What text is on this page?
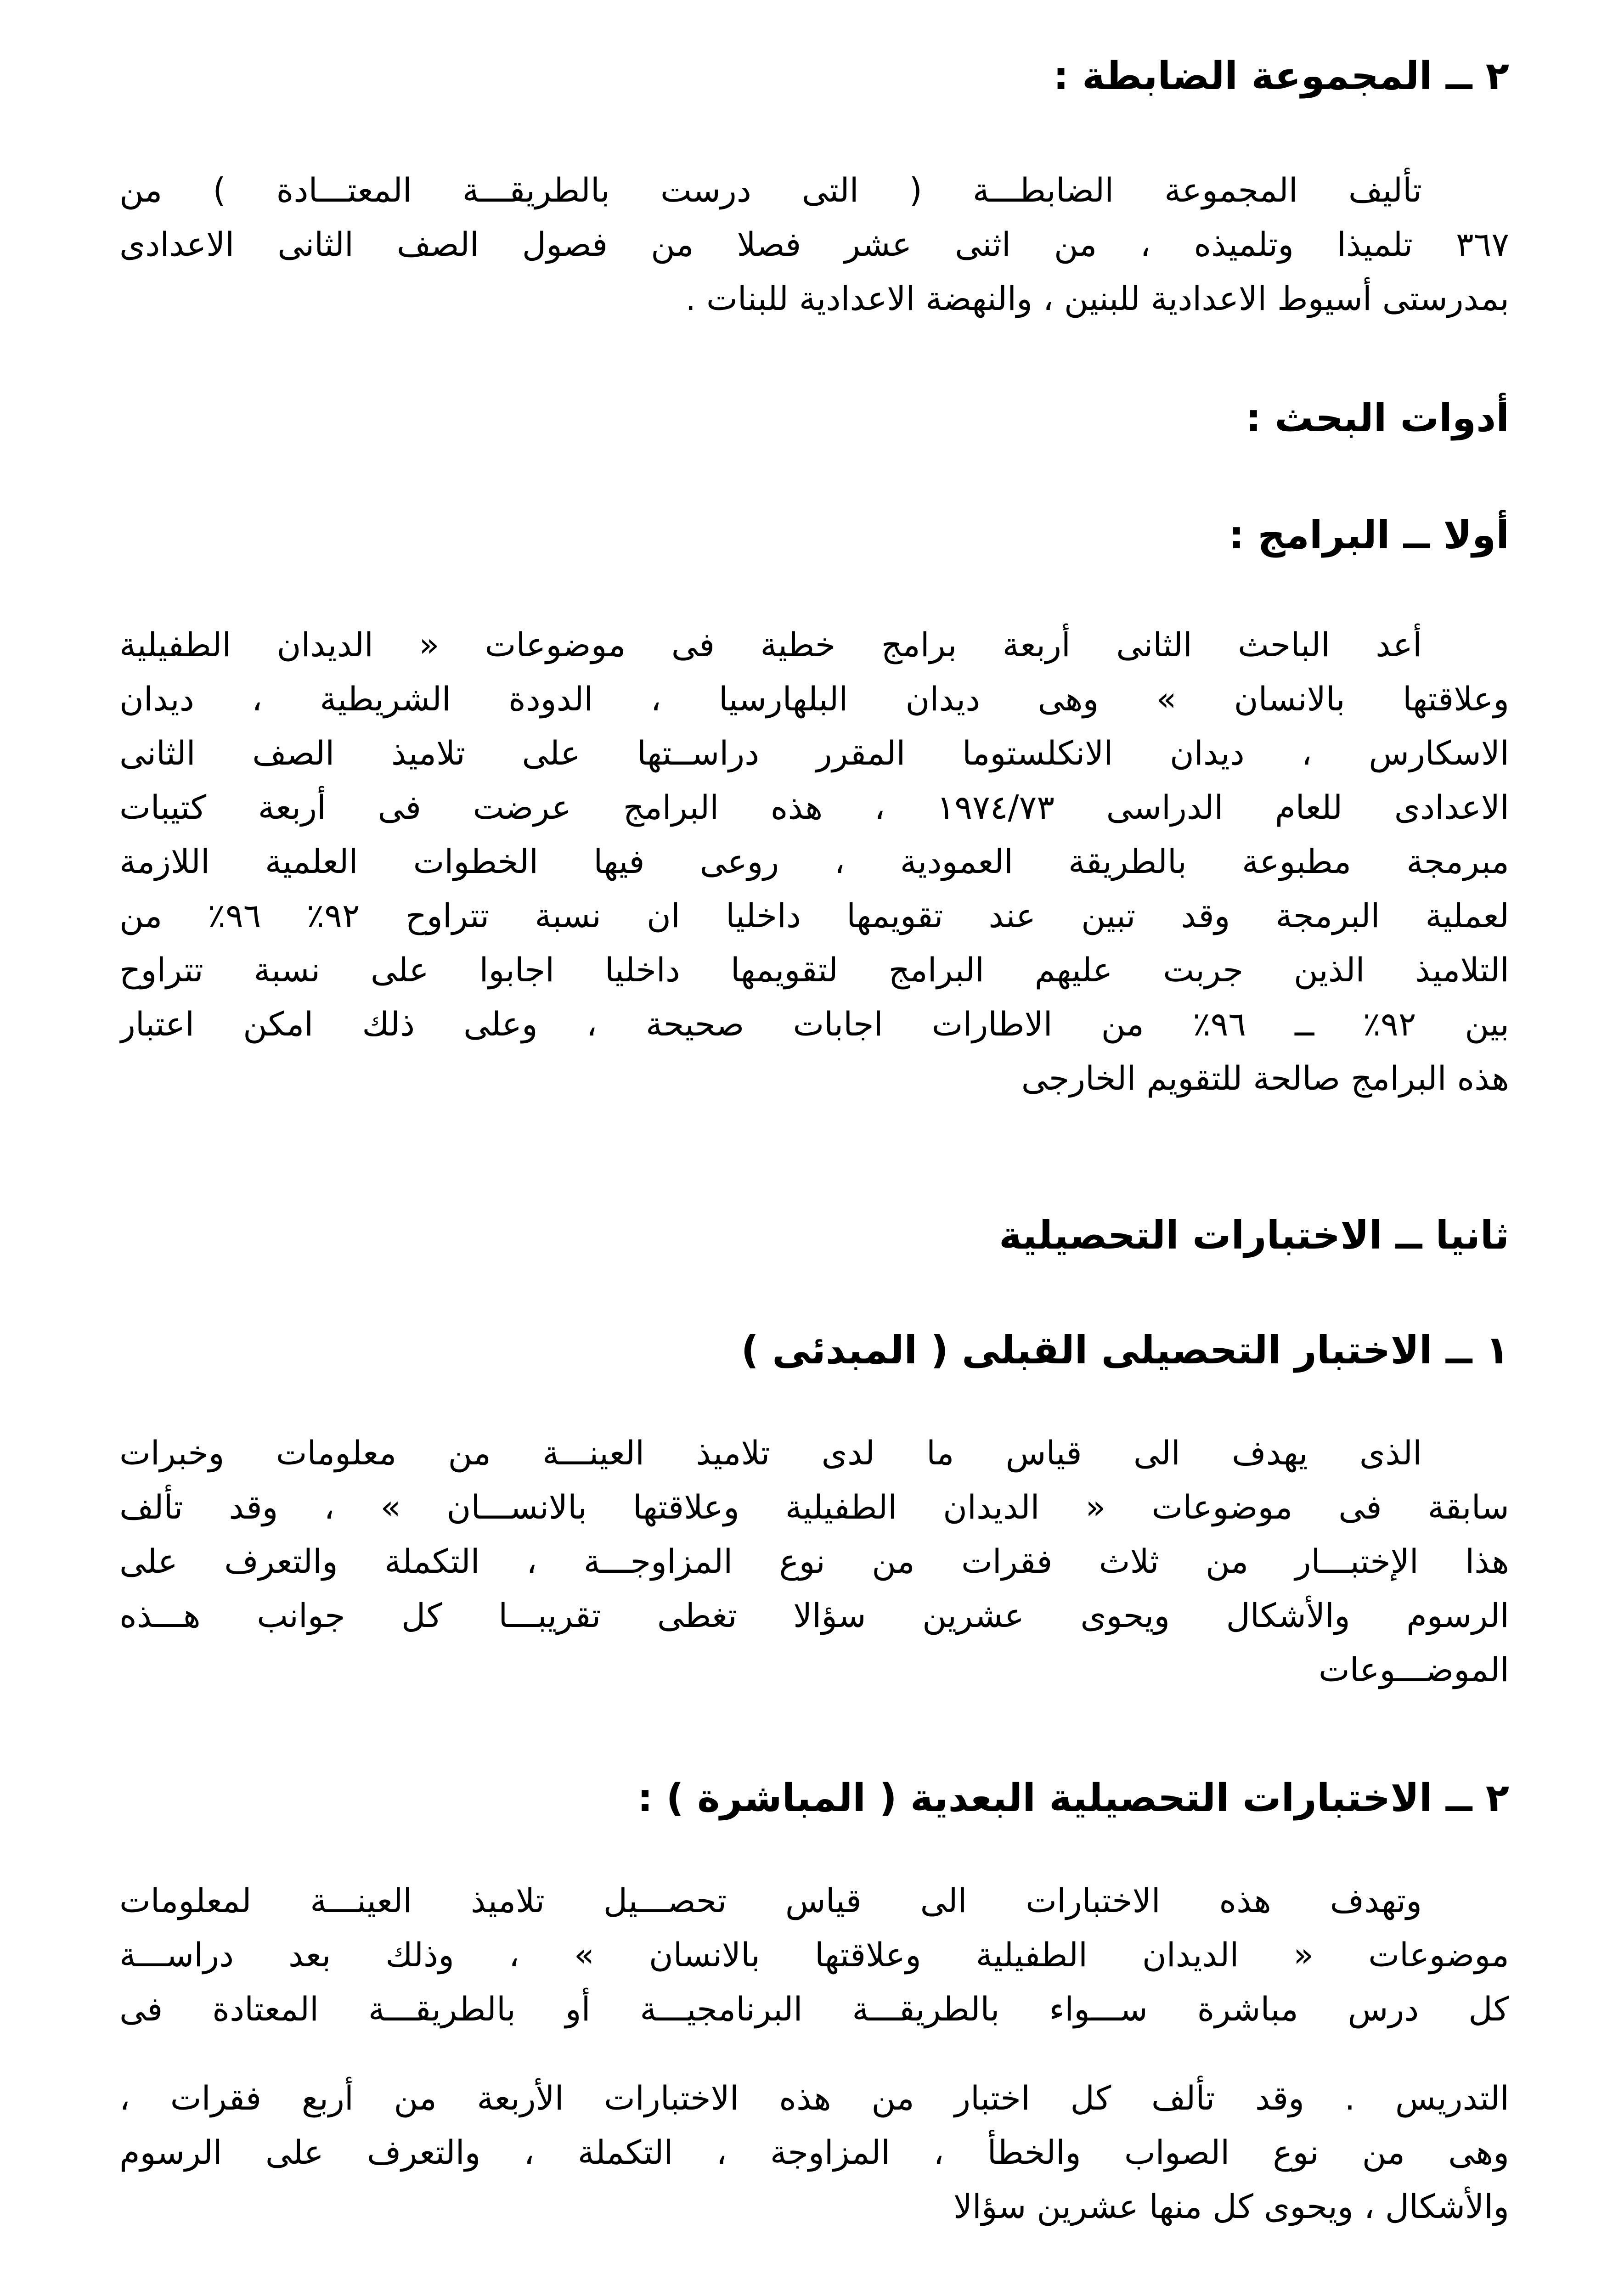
٢ ــ المجموعة الضابطة :
تألیف المجموعة الضابطـــة ( التی درست بالطريقـــة المعتـــادة ) من
٣٦٧ تلمیذا وتلمیذه ، من اثنی عشر فصلا من فصول الصف الثانی الاعدادی
بمدرستی أسیوط الاعدادیة للبنین ، والنهضة الاعدادیة للبنات .
أدوات البحث :
أولا ــ البرامج :
أعد الباحث الثانی أربعة برامج خطية فی موضوعات « الدیدان الطفیلیة
وعلاقتها بالانسان » وهی دیدان البلهارسیا ، الدودة الشریطیة ، دیدان
الاسکارس ، دیدان الانکلستوما المقرر دراســتها علی تلامیذ الصف الثانی
الاعدادی للعام الدراسی ١٩٧٤/٧٣ ، هذه البرامج عرضت فی أربعة كتیبات
مبرمجة مطبوعة بالطریقة العمودیة ، روعی فیها الخطوات العلمیة اللازمة
لعملیة البرمجة وقد تبین عند تقویمها داخلیا ان نسبة تتراوح ٩٢٪ ٩٦٪ من
التلامیذ الذین جربت علیهم البرامج لتقویمها داخلیا اجابوا علی نسبة تتراوح
بین ٩٢٪ ــ ٩٦٪ من الاطارات اجابات صحیحة ، وعلی ذلك امکن اعتبار
هذه البرامج صالحة للتقویم الخارجی
ثانیا ــ الاختبارات التحصیلیة
١ ــ الاختبار التحصیلی القبلی ( المبدئی )
الذی یهدف الی قیاس ما لدی تلامیذ العینـــة من معلومات وخبرات
سابقة فی موضوعات « الدیدان الطفیلیة وعلاقتها بالانســـان » ، وقد تألف
هذا الإختبـــار من ثلاث فقرات من نوع المزاوجـــة ، التكملة والتعرف علی
الرسوم والأشكال ویحوی عشرین سؤالا تغطی تقریبـــا كل جوانب هـــذه
الموضـــوعات
٢ ــ الاختبارات التحصیلیة البعدیة ( المباشرة ) :
وتهدف هذه الاختبارات الی قیاس تحصـــیل تلامیذ العینـــة لمعلومات
موضوعات « الدیدان الطفیلیة وعلاقتها بالانسان » ، وذلك بعد دراســـة
كل درس مباشرة ســـواء بالطریقـــة البرنامجیـــة أو بالطریقـــة المعتادة فی
التدریس . وقد تألف كل اختبار من هذه الاختبارات الأربعة من أربع فقرات ،
وهی من نوع الصواب والخطأ ، المزاوجة ، التكملة ، والتعرف علی الرسوم
والأشكال ، ویحوی كل منها عشرین سؤالا
